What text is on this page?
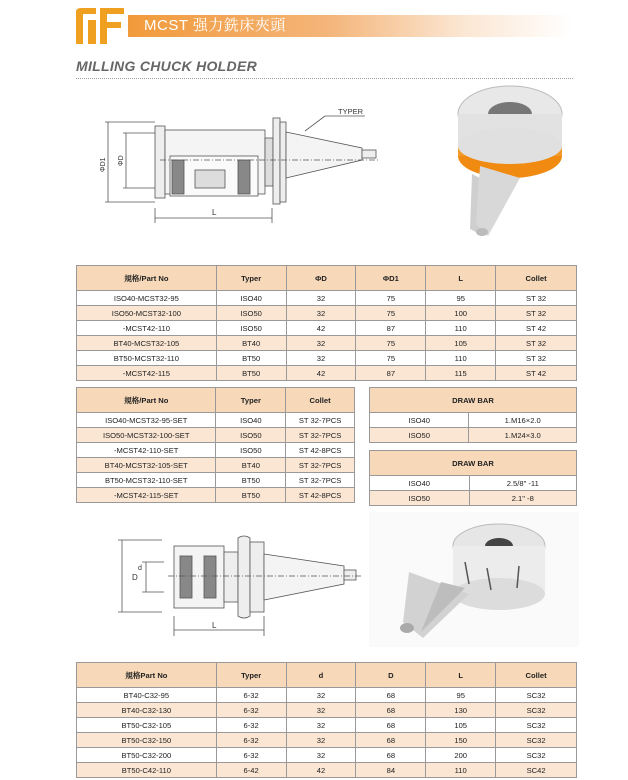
MCST 强力銑床夾頭
MILLING CHUCK HOLDER
TYPER
ΦD1 ΦD
L
規格/Part No	Typer	ΦD	ΦD1	L	Collet
ISO40-MCST32-95	ISO40	32	75	95	ST 32
ISO50-MCST32-100	ISO50	32	75	100	ST 32
-MCST42-110	ISO50	42	87	110	ST 42
BT40-MCST32-105	BT40	32	75	105	ST 32
BT50-MCST32-110	BT50	32	75	110	ST 32
-MCST42-115	BT50	42	87	115	ST 42
規格/Part No	Typer	Collet
ISO40-MCST32-95-SET	ISO40	ST 32-7PCS
ISO50-MCST32-100-SET	ISO50	ST 32-7PCS
-MCST42-110-SET	ISO50	ST 42-8PCS
BT40-MCST32-105-SET	BT40	ST 32-7PCS
BT50-MCST32-110-SET	BT50	ST 32-7PCS
-MCST42-115-SET	BT50	ST 42-8PCS
DRAW BAR	
ISO40	1.M16×2.0
ISO50	1.M24×3.0
DRAW BAR	
ISO40	2.5/8" -11
ISO50	2.1" -8
D
d
L
規格Part No	Typer	d	D	L	Collet
BT40-C32-95	6-32	32	68	95	SC32
BT40-C32-130	6-32	32	68	130	SC32
BT50-C32-105	6-32	32	68	105	SC32
BT50-C32-150	6-32	32	68	150	SC32
BT50-C32-200	6-32	32	68	200	SC32
BT50-C42-110	6-42	42	84	110	SC42
